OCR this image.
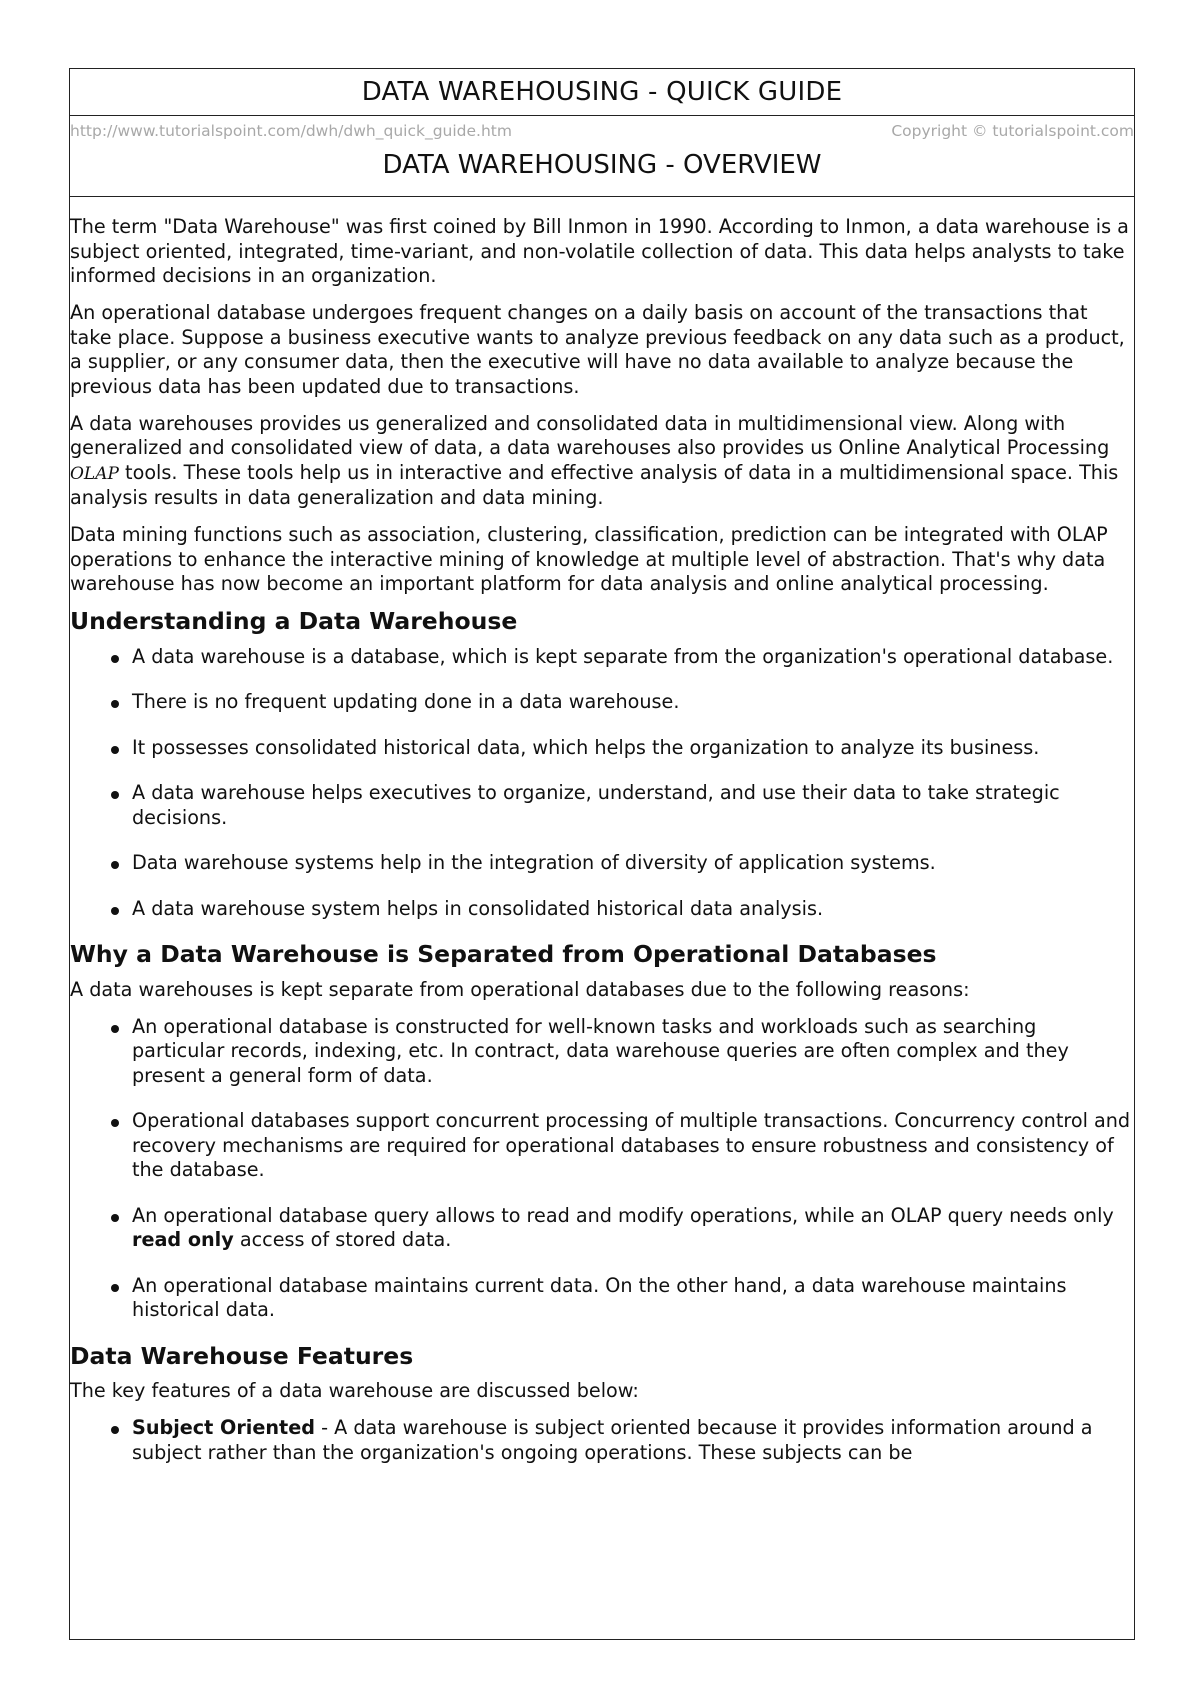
DATA WAREHOUSING - QUICK GUIDE
http://www.tutorialspoint.com/dwh/dwh_quick_guide.htm	Copyright © tutorialspoint.com
DATA WAREHOUSING - OVERVIEW

The term "Data Warehouse" was first coined by Bill Inmon in 1990. According to Inmon, a data warehouse is a subject oriented, integrated, time-variant, and non-volatile collection of data. This data helps analysts to take informed decisions in an organization.

An operational database undergoes frequent changes on a daily basis on account of the transactions that take place. Suppose a business executive wants to analyze previous feedback on any data such as a product, a supplier, or any consumer data, then the executive will have no data available to analyze because the previous data has been updated due to transactions.

A data warehouses provides us generalized and consolidated data in multidimensional view. Along with generalized and consolidated view of data, a data warehouses also provides us Online Analytical Processing OLAP tools. These tools help us in interactive and effective analysis of data in a multidimensional space. This analysis results in data generalization and data mining.

Data mining functions such as association, clustering, classification, prediction can be integrated with OLAP operations to enhance the interactive mining of knowledge at multiple level of abstraction. That's why data warehouse has now become an important platform for data analysis and online analytical processing.

Understanding a Data Warehouse
A data warehouse is a database, which is kept separate from the organization's operational database.
There is no frequent updating done in a data warehouse.
It possesses consolidated historical data, which helps the organization to analyze its business.
A data warehouse helps executives to organize, understand, and use their data to take strategic decisions.
Data warehouse systems help in the integration of diversity of application systems.
A data warehouse system helps in consolidated historical data analysis.
Why a Data Warehouse is Separated from Operational Databases

A data warehouses is kept separate from operational databases due to the following reasons:

An operational database is constructed for well-known tasks and workloads such as searching particular records, indexing, etc. In contract, data warehouse queries are often complex and they present a general form of data.
Operational databases support concurrent processing of multiple transactions. Concurrency control and recovery mechanisms are required for operational databases to ensure robustness and consistency of the database.
An operational database query allows to read and modify operations, while an OLAP query needs only read only access of stored data.
An operational database maintains current data. On the other hand, a data warehouse maintains historical data.
Data Warehouse Features

The key features of a data warehouse are discussed below:

Subject Oriented - A data warehouse is subject oriented because it provides information around a subject rather than the organization's ongoing operations. These subjects can be
